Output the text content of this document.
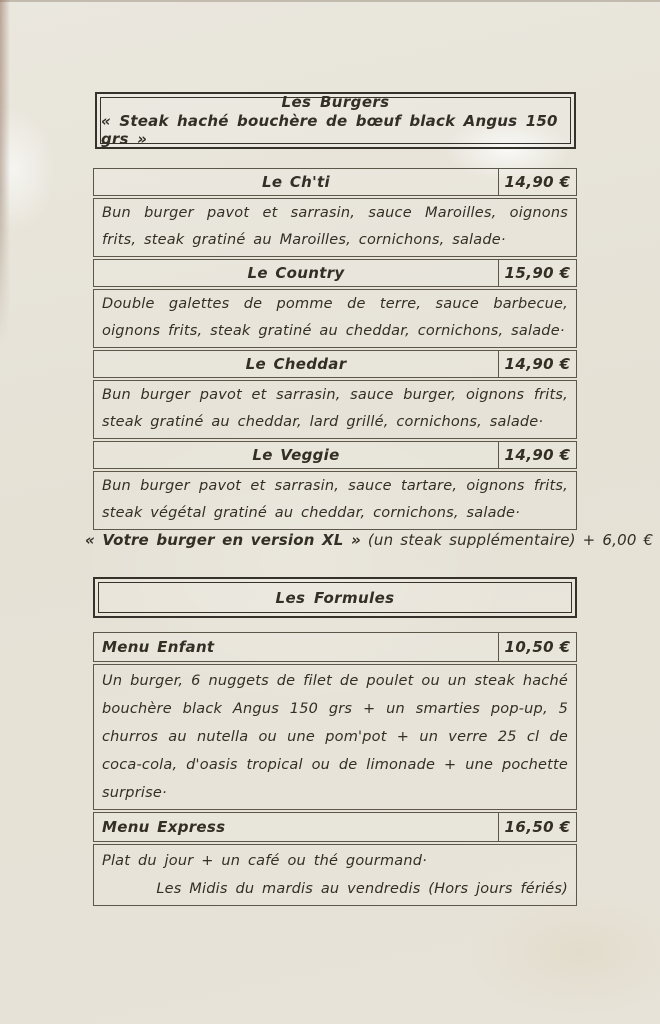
Les Burgers
« Steak haché bouchère de bœuf black Angus 150 grs »
Le Ch'ti	14,90 €
Bun burger pavot et sarrasin, sauce Maroilles, oignons frits, steak gratiné au Maroilles, cornichons, salade·
Le Country	15,90 €
Double galettes de pomme de terre, sauce barbecue, oignons frits, steak gratiné au cheddar, cornichons, salade·
Le Cheddar	14,90 €
Bun burger pavot et sarrasin, sauce burger, oignons frits, steak gratiné au cheddar, lard grillé, cornichons, salade·
Le Veggie	14,90 €
Bun burger pavot et sarrasin, sauce tartare, oignons frits, steak végétal gratiné au cheddar, cornichons, salade·
« Votre burger en version XL » (un steak supplémentaire) + 6,00 €
Les Formules
Menu Enfant	10,50 €
Un burger, 6 nuggets de filet de poulet ou un steak haché bouchère black Angus 150 grs + un smarties pop-up, 5 churros au nutella ou une pom'pot + un verre 25 cl de coca-cola, d'oasis tropical ou de limonade + une pochette surprise·
Menu Express	16,50 €
Plat du jour + un café ou thé gourmand·
Les Midis du mardis au vendredis (Hors jours fériés)
